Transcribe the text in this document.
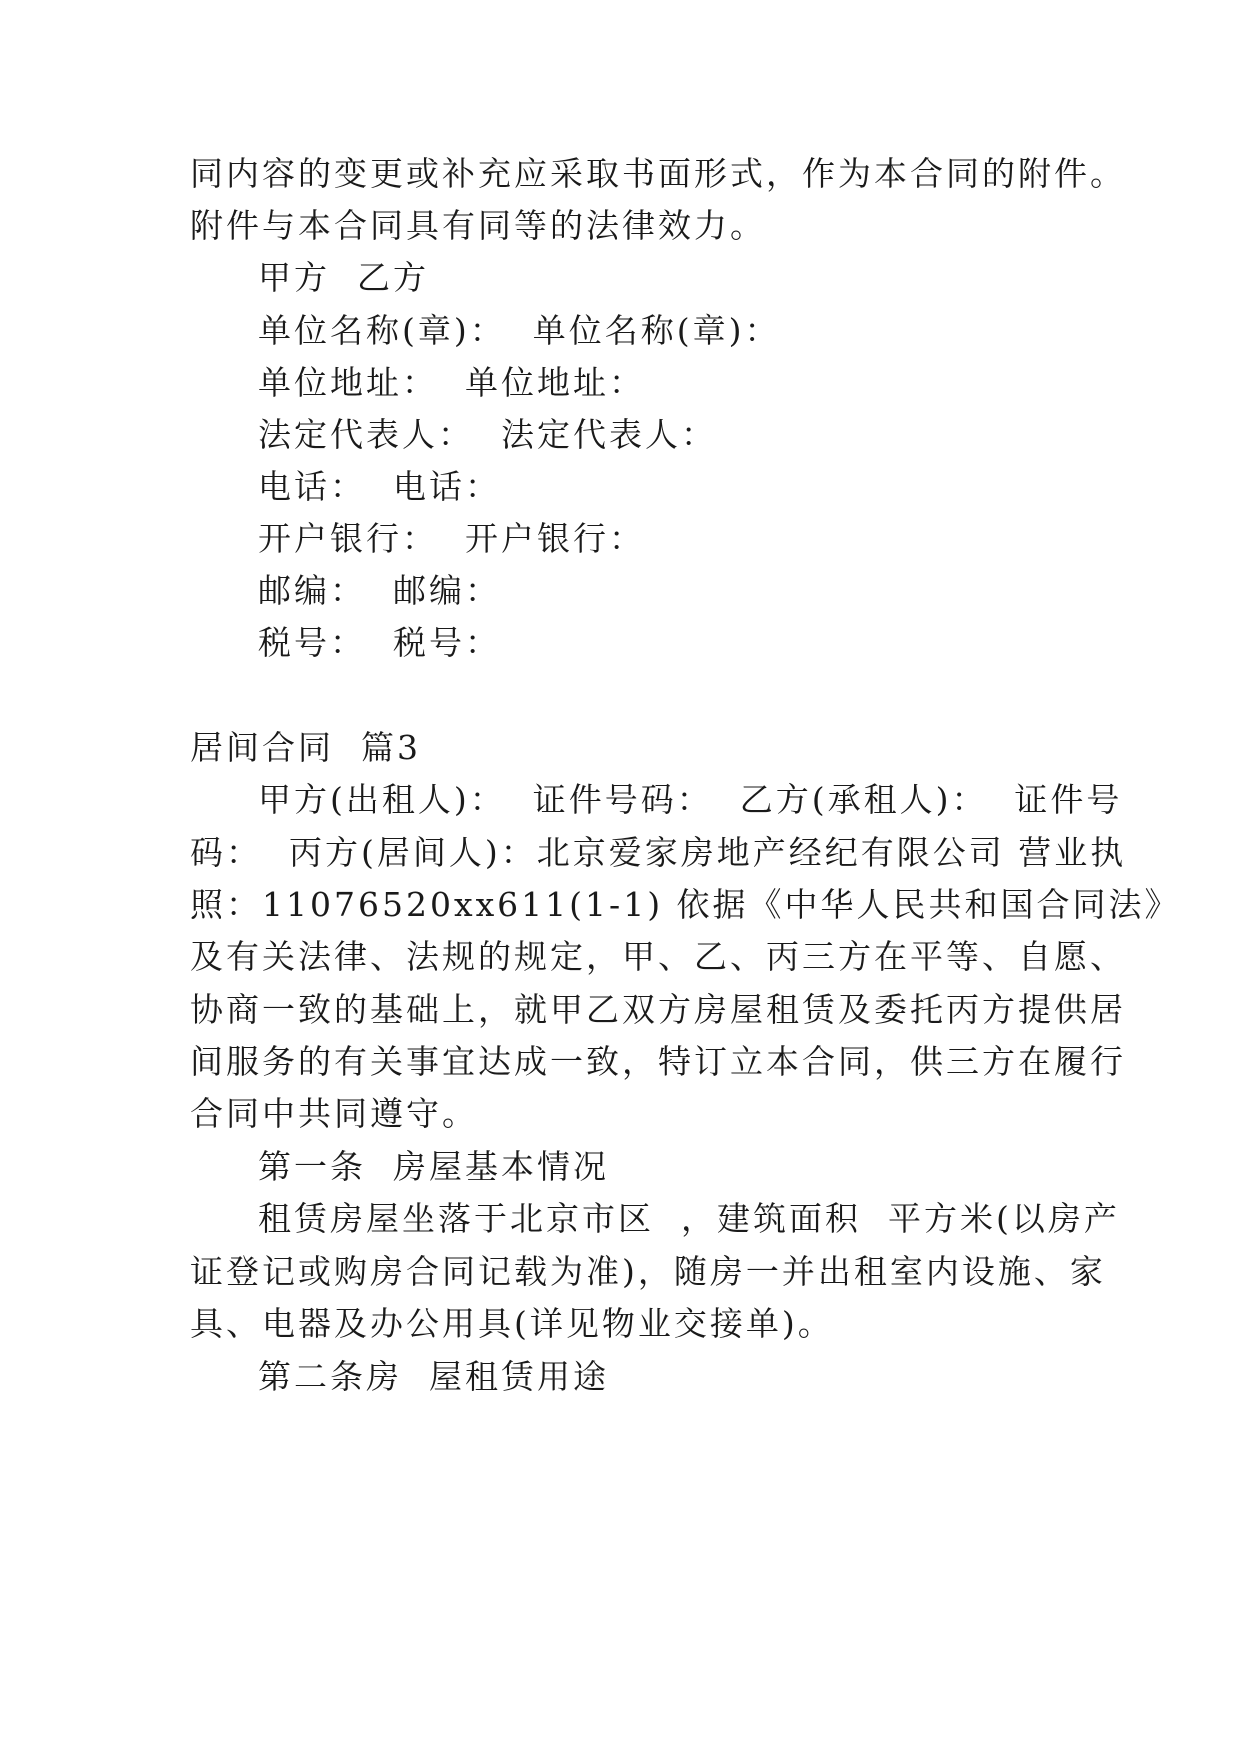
同内容的变更或补充应采取书面形式，作为本合同的附件。
附件与本合同具有同等的法律效力。
甲方  乙方
单位名称(章)：  单位名称(章)：
单位地址：  单位地址：
法定代表人：  法定代表人：
电话：  电话：
开户银行：  开户银行：
邮编：  邮编：
税号：  税号：
居间合同  篇3
甲方(出租人)：  证件号码：  乙方(承租人)：  证件号
码：  丙方(居间人)：北京爱家房地产经纪有限公司 营业执
照：11076520xx611(1-1) 依据《中华人民共和国合同法》
及有关法律、法规的规定，甲、乙、丙三方在平等、自愿、
协商一致的基础上，就甲乙双方房屋租赁及委托丙方提供居
间服务的有关事宜达成一致，特订立本合同，供三方在履行
合同中共同遵守。
第一条  房屋基本情况
租赁房屋坐落于北京市区  ，建筑面积  平方米(以房产
证登记或购房合同记载为准)，随房一并出租室内设施、家
具、电器及办公用具(详见物业交接单)。
第二条房  屋租赁用途
